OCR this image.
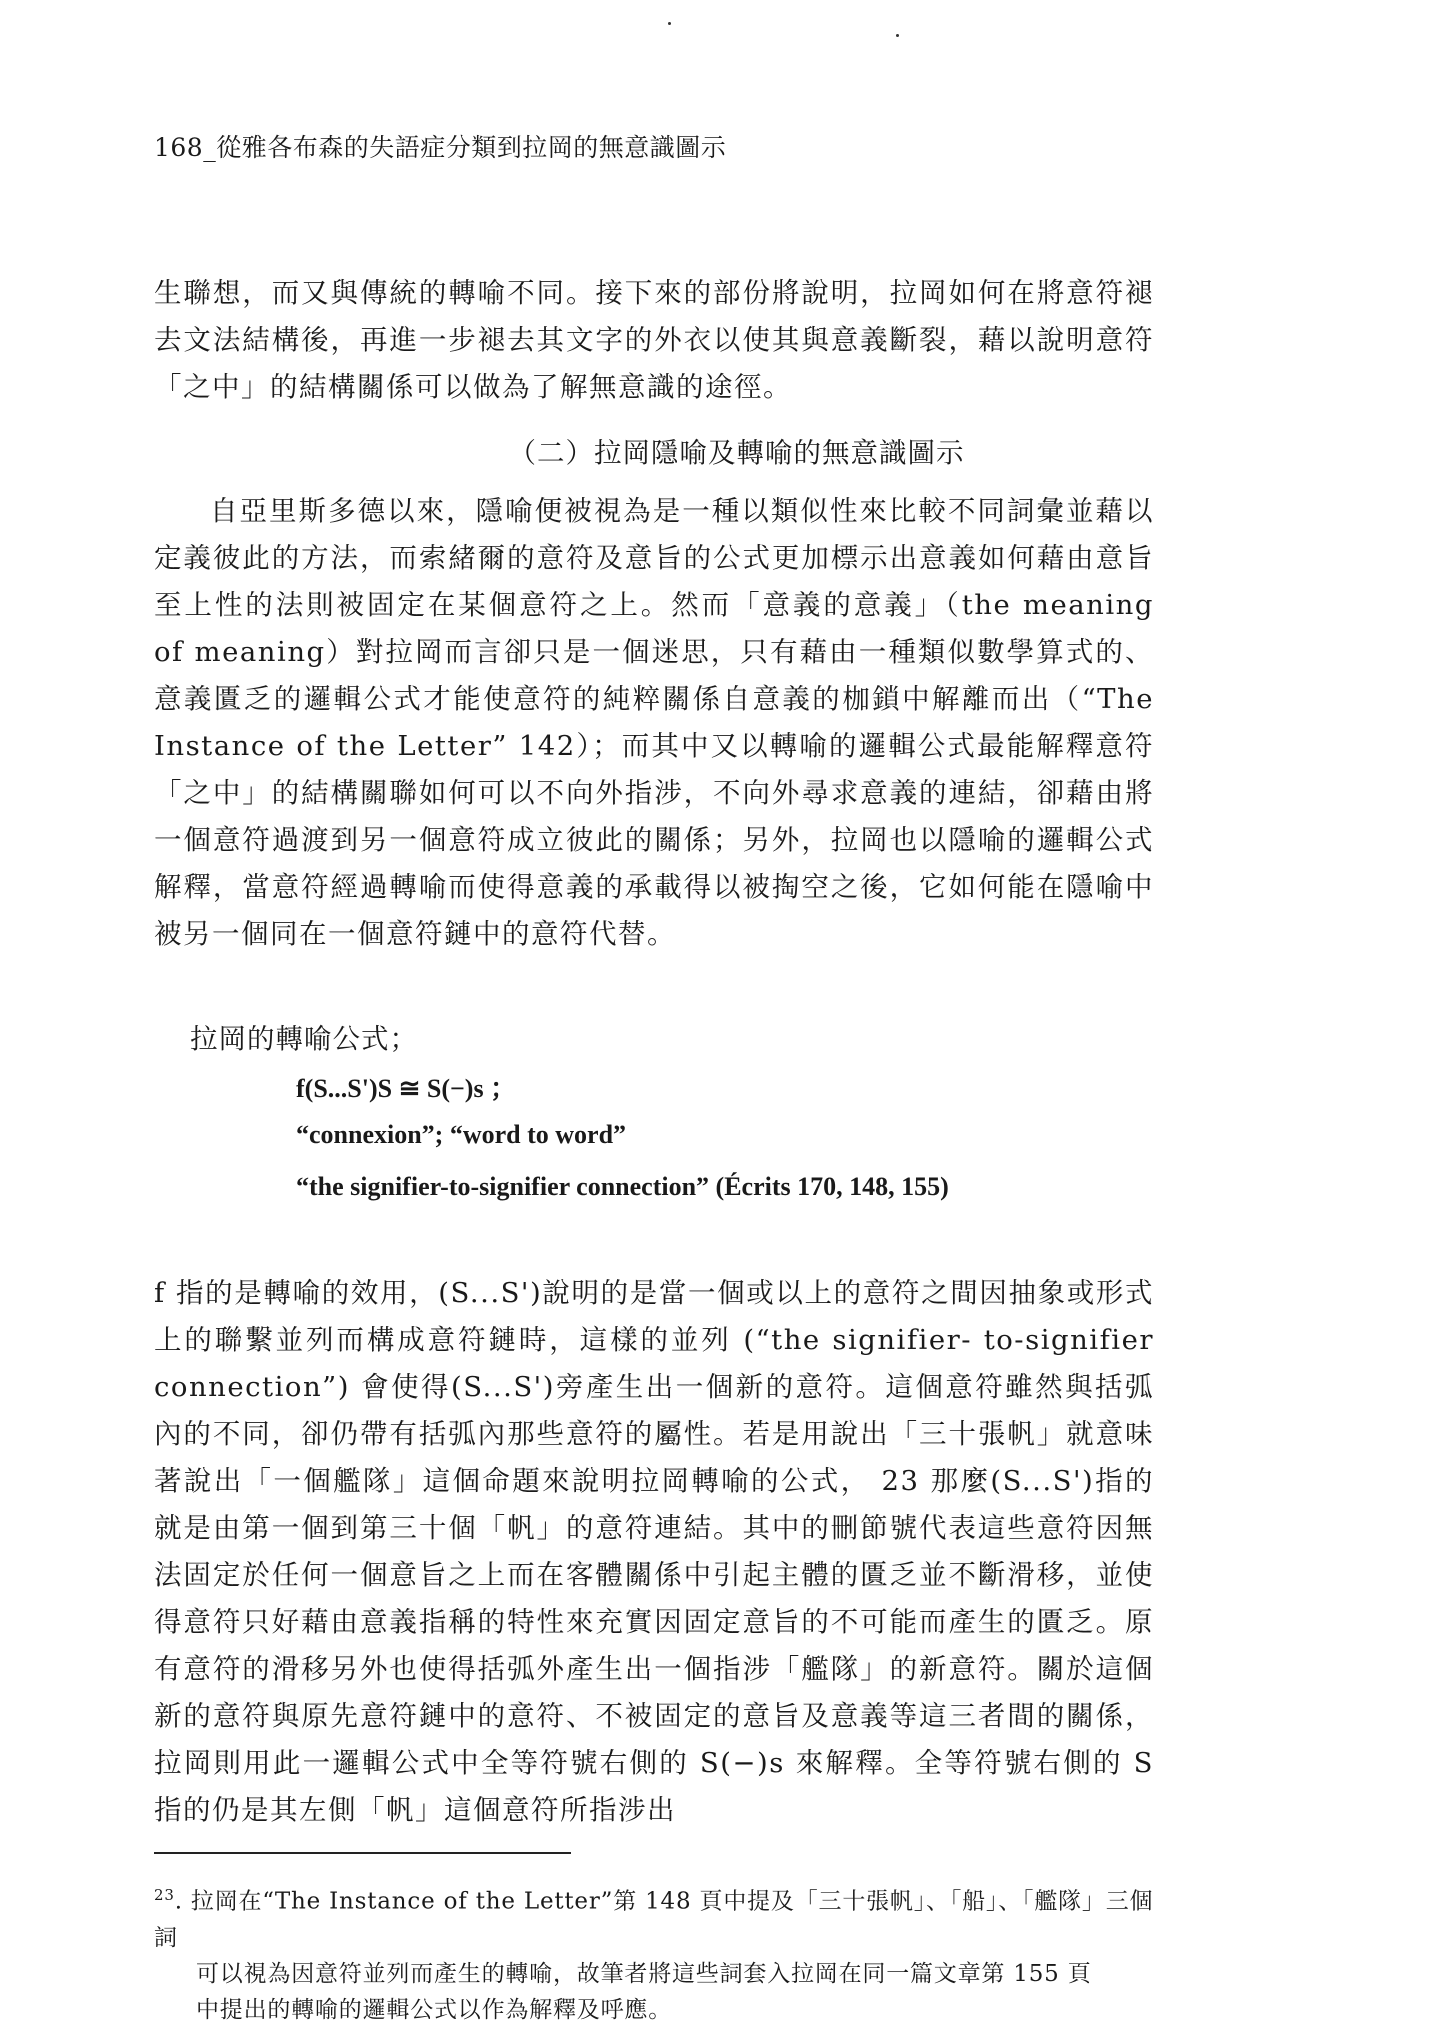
168_從雅各布森的失語症分類到拉岡的無意識圖示
生聯想，而又與傳統的轉喻不同。接下來的部份將說明，拉岡如何在將意符褪去文法結構後，再進一步褪去其文字的外衣以使其與意義斷裂，藉以說明意符「之中」的結構關係可以做為了解無意識的途徑。
（二）拉岡隱喻及轉喻的無意識圖示
自亞里斯多德以來，隱喻便被視為是一種以類似性來比較不同詞彙並藉以定義彼此的方法，而索緒爾的意符及意旨的公式更加標示出意義如何藉由意旨至上性的法則被固定在某個意符之上。然而「意義的意義」（the meaning of meaning）對拉岡而言卻只是一個迷思，只有藉由一種類似數學算式的、意義匱乏的邏輯公式才能使意符的純粹關係自意義的枷鎖中解離而出（“The Instance of the Letter” 142）；而其中又以轉喻的邏輯公式最能解釋意符「之中」的結構關聯如何可以不向外指涉，不向外尋求意義的連結，卻藉由將一個意符過渡到另一個意符成立彼此的關係；另外，拉岡也以隱喻的邏輯公式解釋，當意符經過轉喻而使得意義的承載得以被掏空之後，它如何能在隱喻中被另一個同在一個意符鏈中的意符代替。
拉岡的轉喻公式；
f(S...S')S ≅ S(−)s ；
“connexion”; “word to word”
“the signifier-to-signifier connection” (Écrits 170, 148, 155)
f 指的是轉喻的效用，(S...S')說明的是當一個或以上的意符之間因抽象或形式上的聯繫並列而構成意符鏈時，這樣的並列 (“the signifier- to-signifier connection”) 會使得(S...S')旁產生出一個新的意符。這個意符雖然與括弧內的不同，卻仍帶有括弧內那些意符的屬性。若是用說出「三十張帆」就意味著說出「一個艦隊」這個命題來說明拉岡轉喻的公式， 23 那麼(S...S')指的就是由第一個到第三十個「帆」的意符連結。其中的刪節號代表這些意符因無法固定於任何一個意旨之上而在客體關係中引起主體的匱乏並不斷滑移，並使得意符只好藉由意義指稱的特性來充實因固定意旨的不可能而產生的匱乏。原有意符的滑移另外也使得括弧外產生出一個指涉「艦隊」的新意符。關於這個新的意符與原先意符鏈中的意符、不被固定的意旨及意義等這三者間的關係，拉岡則用此一邏輯公式中全等符號右側的 S(−)s 來解釋。全等符號右側的 S 指的仍是其左側「帆」這個意符所指涉出
$^{23}$. 拉岡在“The Instance of the Letter”第 148 頁中提及「三十張帆」、「船」、「艦隊」三個詞
可以視為因意符並列而產生的轉喻，故筆者將這些詞套入拉岡在同一篇文章第 155 頁
中提出的轉喻的邏輯公式以作為解釋及呼應。
